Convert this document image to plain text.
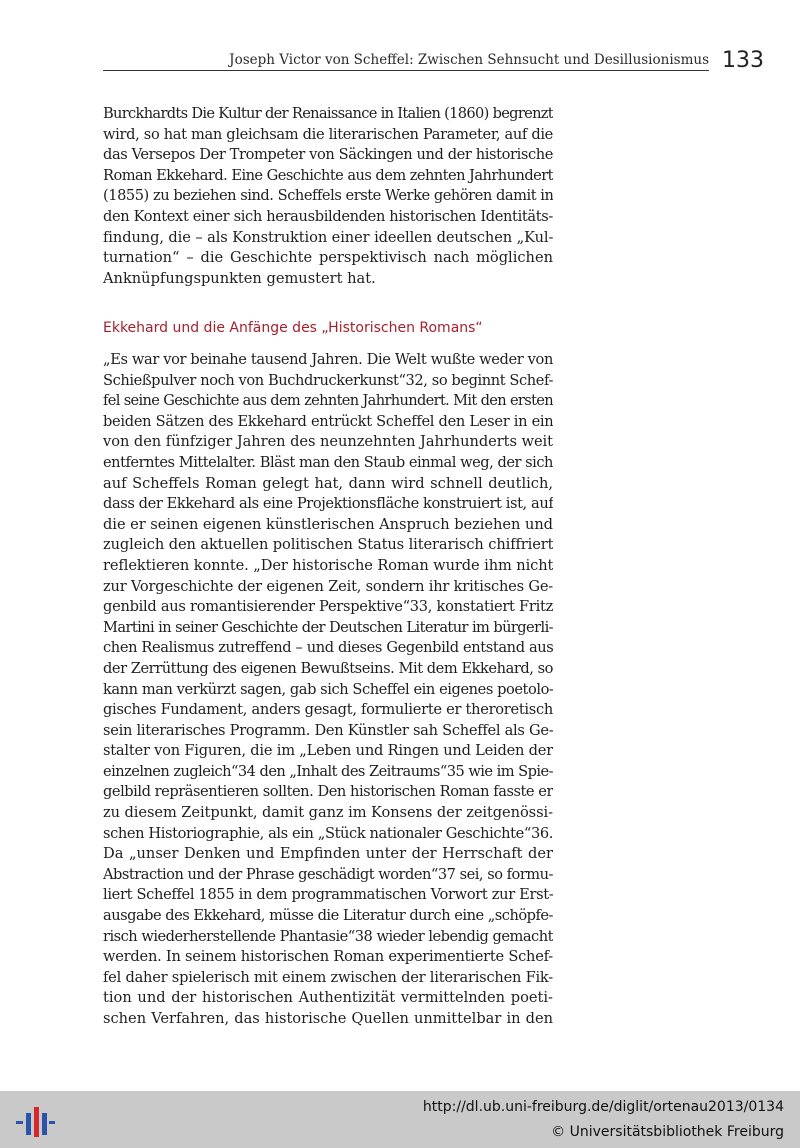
Joseph Victor von Scheffel: Zwischen Sehnsucht und Desillusionismus 133
Burckhardts Die Kultur der Renaissance in Italien (1860) begrenzt
wird, so hat man gleichsam die literarischen Parameter, auf die
das Versepos Der Trompeter von Säckingen und der historische
Roman Ekkehard. Eine Geschichte aus dem zehnten Jahrhundert
(1855) zu beziehen sind. Scheffels erste Werke gehören damit in
den Kontext einer sich herausbildenden historischen Identitäts-
findung, die – als Konstruktion einer ideellen deutschen „Kul-
turnation“ – die Geschichte perspektivisch nach möglichen
Anknüpfungspunkten gemustert hat.
Ekkehard und die Anfänge des „Historischen Romans“
„Es war vor beinahe tausend Jahren. Die Welt wußte weder von
Schießpulver noch von Buchdruckerkunst“32, so beginnt Schef-
fel seine Geschichte aus dem zehnten Jahrhundert. Mit den ersten
beiden Sätzen des Ekkehard entrückt Scheffel den Leser in ein
von den fünfziger Jahren des neunzehnten Jahrhunderts weit
entferntes Mittelalter. Bläst man den Staub einmal weg, der sich
auf Scheffels Roman gelegt hat, dann wird schnell deutlich,
dass der Ekkehard als eine Projektionsfläche konstruiert ist, auf
die er seinen eigenen künstlerischen Anspruch beziehen und
zugleich den aktuellen politischen Status literarisch chiffriert
reflektieren konnte. „Der historische Roman wurde ihm nicht
zur Vorgeschichte der eigenen Zeit, sondern ihr kritisches Ge-
genbild aus romantisierender Perspektive“33, konstatiert Fritz
Martini in seiner Geschichte der Deutschen Literatur im bürgerli-
chen Realismus zutreffend – und dieses Gegenbild entstand aus
der Zerrüttung des eigenen Bewußtseins. Mit dem Ekkehard, so
kann man verkürzt sagen, gab sich Scheffel ein eigenes poetolo-
gisches Fundament, anders gesagt, formulierte er theroretisch
sein literarisches Programm. Den Künstler sah Scheffel als Ge-
stalter von Figuren, die im „Leben und Ringen und Leiden der
einzelnen zugleich“34 den „Inhalt des Zeitraums“35 wie im Spie-
gelbild repräsentieren sollten. Den historischen Roman fasste er
zu diesem Zeitpunkt, damit ganz im Konsens der zeitgenössi-
schen Historiographie, als ein „Stück nationaler Geschichte“36.
Da „unser Denken und Empfinden unter der Herrschaft der
Abstraction und der Phrase geschädigt worden“37 sei, so formu-
liert Scheffel 1855 in dem programmatischen Vorwort zur Erst-
ausgabe des Ekkehard, müsse die Literatur durch eine „schöpfe-
risch wiederherstellende Phantasie“38 wieder lebendig gemacht
werden. In seinem historischen Roman experimentierte Schef-
fel daher spielerisch mit einem zwischen der literarischen Fik-
tion und der historischen Authentizität vermittelnden poeti-
schen Verfahren, das historische Quellen unmittelbar in den
http://dl.ub.uni-freiburg.de/diglit/ortenau2013/0134
© Universitätsbibliothek Freiburg
